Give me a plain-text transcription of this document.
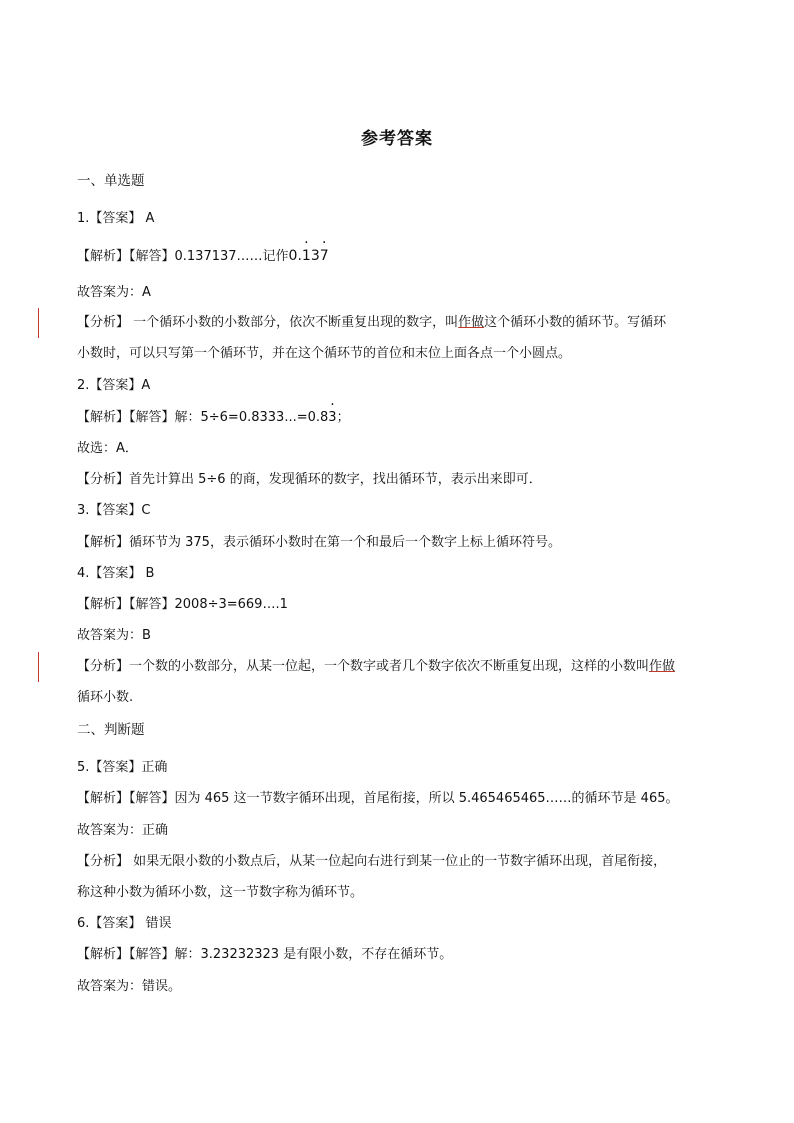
参考答案
一、单选题
1.【答案】 A
【解析】【解答】0.137137……记作0.· 13· 7
故答案为：A
【分析】 一个循环小数的小数部分，依次不断重复出现的数字，叫作做这个循环小数的循环节。写循环
小数时，可以只写第一个循环节，并在这个循环节的首位和末位上面各点一个小圆点。
2.【答案】A
【解析】【解答】解：5÷6=0.8333...=0.8· 3；
故选：A．
【分析】首先计算出 5÷6 的商，发现循环的数字，找出循环节，表示出来即可．
3.【答案】C
【解析】循环节为 375，表示循环小数时在第一个和最后一个数字上标上循环符号。
4.【答案】 B
【解析】【解答】2008÷3=669….1
故答案为：B
【分析】一个数的小数部分，从某一位起，一个数字或者几个数字依次不断重复出现，这样的小数叫作做
循环小数.
二、判断题
5.【答案】正确
【解析】【解答】因为 465 这一节数字循环出现，首尾衔接，所以 5.465465465……的循环节是 465。
故答案为：正确
【分析】 如果无限小数的小数点后，从某一位起向右进行到某一位止的一节数字循环出现，首尾衔接，
称这种小数为循环小数，这一节数字称为循环节。
6.【答案】 错误
【解析】【解答】解：3.23232323 是有限小数，不存在循环节。
故答案为：错误。
